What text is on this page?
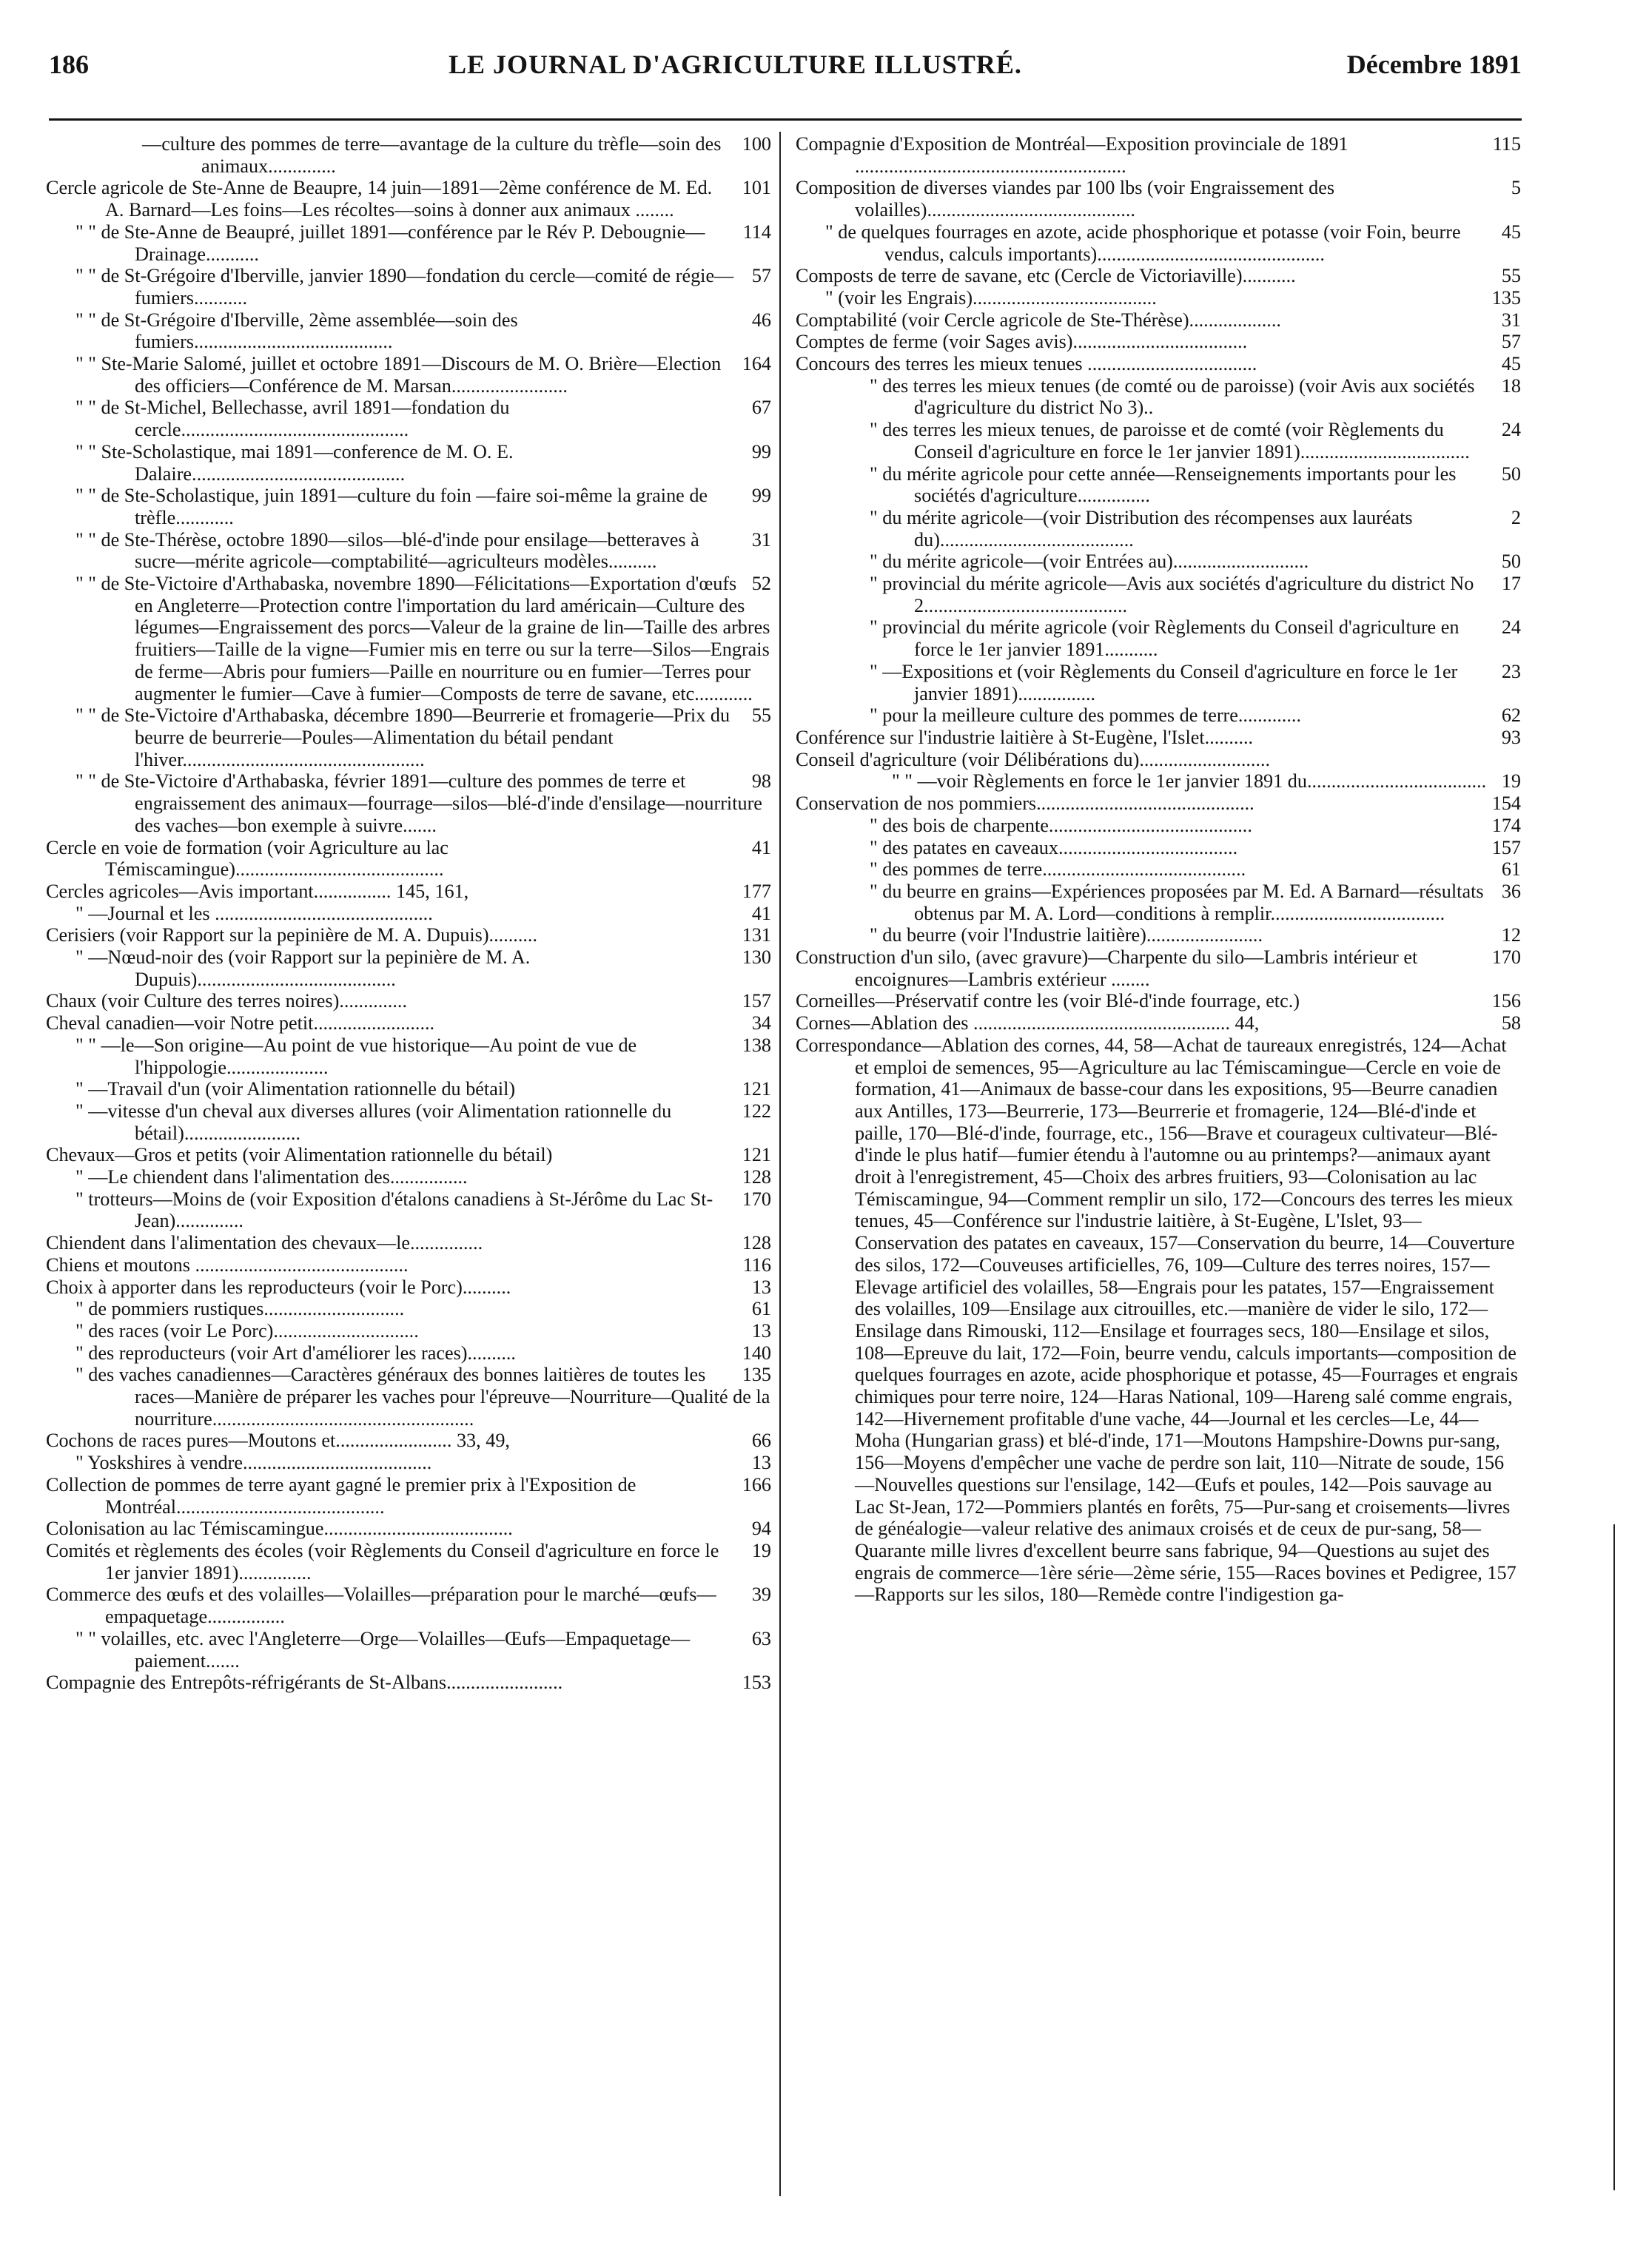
186	LE JOURNAL D'AGRICULTURE ILLUSTRÉ.	Décembre 1891
100
—culture des pommes de terre—avantage de la culture du trèfle—soin des animaux..............
101
Cercle agricole de Ste-Anne de Beaupre, 14 juin—1891—2ème conférence de M. Ed. A. Barnard—Les foins—Les récoltes—soins à donner aux animaux ........
114
" " de Ste-Anne de Beaupré, juillet 1891—conférence par le Rév P. Debougnie—Drainage...........
57
" " de St-Grégoire d'Iberville, janvier 1890—fondation du cercle—comité de régie—fumiers...........
46
" " de St-Grégoire d'Iberville, 2ème assemblée—soin des fumiers.........................................
164
" " Ste-Marie Salomé, juillet et octobre 1891—Discours de M. O. Brière—Election des officiers—Conférence de M. Marsan........................
67
" " de St-Michel, Bellechasse, avril 1891—fondation du cercle...............................................
99
" " Ste-Scholastique, mai 1891—conference de M. O. E. Dalaire............................................
99
" " de Ste-Scholastique, juin 1891—culture du foin —faire soi-même la graine de trèfle............
31
" " de Ste-Thérèse, octobre 1890—silos—blé-d'inde pour ensilage—betteraves à sucre—mérite agricole—comptabilité—agriculteurs modèles..........
52
" " de Ste-Victoire d'Arthabaska, novembre 1890—Félicitations—Exportation d'œufs en Angleterre—Protection contre l'importation du lard américain—Culture des légumes—Engraissement des porcs—Valeur de la graine de lin—Taille des arbres fruitiers—Taille de la vigne—Fumier mis en terre ou sur la terre—Silos—Engrais de ferme—Abris pour fumiers—Paille en nourriture ou en fumier—Terres pour augmenter le fumier—Cave à fumier—Composts de terre de savane, etc............
55
" " de Ste-Victoire d'Arthabaska, décembre 1890—Beurrerie et fromagerie—Prix du beurre de beurrerie—Poules—Alimentation du bétail pendant l'hiver..................................................
98
" " de Ste-Victoire d'Arthabaska, février 1891—culture des pommes de terre et engraissement des animaux—fourrage—silos—blé-d'inde d'ensilage—nourriture des vaches—bon exemple à suivre.......
41
Cercle en voie de formation (voir Agriculture au lac Témiscamingue)...........................................
177
Cercles agricoles—Avis important................ 145, 161,
41
" —Journal et les .............................................
131
Cerisiers (voir Rapport sur la pepinière de M. A. Dupuis)..........
130
" —Nœud-noir des (voir Rapport sur la pepinière de M. A. Dupuis).........................................
157
Chaux (voir Culture des terres noires)..............
34
Cheval canadien—voir Notre petit.........................
138
" " —le—Son origine—Au point de vue historique—Au point de vue de l'hippologie.....................
121
" —Travail d'un (voir Alimentation rationnelle du bétail)
122
" —vitesse d'un cheval aux diverses allures (voir Alimentation rationnelle du bétail)........................
121
Chevaux—Gros et petits (voir Alimentation rationnelle du bétail)
128
" —Le chiendent dans l'alimentation des................
170
" trotteurs—Moins de (voir Exposition d'étalons canadiens à St-Jérôme du Lac St-Jean)..............
128
Chiendent dans l'alimentation des chevaux—le...............
116
Chiens et moutons ............................................
13
Choix à apporter dans les reproducteurs (voir le Porc)..........
61
" de pommiers rustiques.............................
13
" des races (voir Le Porc)..............................
140
" des reproducteurs (voir Art d'améliorer les races)..........
135
" des vaches canadiennes—Caractères généraux des bonnes laitières de toutes les races—Manière de préparer les vaches pour l'épreuve—Nourriture—Qualité de la nourriture......................................................
66
Cochons de races pures—Moutons et........................ 33, 49,
13
" Yoskshires à vendre.......................................
166
Collection de pommes de terre ayant gagné le premier prix à l'Exposition de Montréal...........................................
94
Colonisation au lac Témiscamingue.......................................
19
Comités et règlements des écoles (voir Règlements du Conseil d'agriculture en force le 1er janvier 1891)...............
39
Commerce des œufs et des volailles—Volailles—préparation pour le marché—œufs—empaquetage................
63
" " volailles, etc. avec l'Angleterre—Orge—Volailles—Œufs—Empaquetage—paiement.......
153
Compagnie des Entrepôts-réfrigérants de St-Albans........................
115
Compagnie d'Exposition de Montréal—Exposition provinciale de 1891 ........................................................
5
Composition de diverses viandes par 100 lbs (voir Engraissement des volailles)...........................................
45
" de quelques fourrages en azote, acide phosphorique et potasse (voir Foin, beurre vendus, calculs importants)...............................................
55
Composts de terre de savane, etc (Cercle de Victoriaville)...........
135
" (voir les Engrais)......................................
31
Comptabilité (voir Cercle agricole de Ste-Thérèse)...................
57
Comptes de ferme (voir Sages avis)....................................
45
Concours des terres les mieux tenues ...................................
18
" des terres les mieux tenues (de comté ou de paroisse) (voir Avis aux sociétés d'agriculture du district No 3)..
24
" des terres les mieux tenues, de paroisse et de comté (voir Règlements du Conseil d'agriculture en force le 1er janvier 1891)...................................
50
" du mérite agricole pour cette année—Renseignements importants pour les sociétés d'agriculture...............
2
" du mérite agricole—(voir Distribution des récompenses aux lauréats du)........................................
50
" du mérite agricole—(voir Entrées au)............................
17
" provincial du mérite agricole—Avis aux sociétés d'agriculture du district No 2..........................................
24
" provincial du mérite agricole (voir Règlements du Conseil d'agriculture en force le 1er janvier 1891...........
23
" —Expositions et (voir Règlements du Conseil d'agriculture en force le 1er janvier 1891)................
62
" pour la meilleure culture des pommes de terre.............
93
Conférence sur l'industrie laitière à St-Eugène, l'Islet..........
Conseil d'agriculture (voir Délibérations du)...........................
19
" " —voir Règlements en force le 1er janvier 1891 du.....................................
154
Conservation de nos pommiers.............................................
174
" des bois de charpente..........................................
157
" des patates en caveaux.....................................
61
" des pommes de terre..........................................
36
" du beurre en grains—Expériences proposées par M. Ed. A Barnard—résultats obtenus par M. A. Lord—conditions à remplir....................................
12
" du beurre (voir l'Industrie laitière)........................
170
Construction d'un silo, (avec gravure)—Charpente du silo—Lambris intérieur et encoignures—Lambris extérieur ........
156
Corneilles—Préservatif contre les (voir Blé-d'inde fourrage, etc.)
58
Cornes—Ablation des ..................................................... 44,
Correspondance—Ablation des cornes, 44, 58—Achat de taureaux enregistrés, 124—Achat et emploi de semences, 95—Agriculture au lac Témiscamingue—Cercle en voie de formation, 41—Animaux de basse-cour dans les expositions, 95—Beurre canadien aux Antilles, 173—Beurrerie, 173—Beurrerie et fromagerie, 124—Blé-d'inde et paille, 170—Blé-d'inde, fourrage, etc., 156—Brave et courageux cultivateur—Blé-d'inde le plus hatif—fumier étendu à l'automne ou au printemps?—animaux ayant droit à l'enregistrement, 45—Choix des arbres fruitiers, 93—Colonisation au lac Témiscamingue, 94—Comment remplir un silo, 172—Concours des terres les mieux tenues, 45—Conférence sur l'industrie laitière, à St-Eugène, L'Islet, 93—Conservation des patates en caveaux, 157—Conservation du beurre, 14—Couverture des silos, 172—Couveuses artificielles, 76, 109—Culture des terres noires, 157—Elevage artificiel des volailles, 58—Engrais pour les patates, 157—Engraissement des volailles, 109—Ensilage aux citrouilles, etc.—manière de vider le silo, 172—Ensilage dans Rimouski, 112—Ensilage et fourrages secs, 180—Ensilage et silos, 108—Epreuve du lait, 172—Foin, beurre vendu, calculs importants—composition de quelques fourrages en azote, acide phosphorique et potasse, 45—Fourrages et engrais chimiques pour terre noire, 124—Haras National, 109—Hareng salé comme engrais, 142—Hivernement profitable d'une vache, 44—Journal et les cercles—Le, 44—Moha (Hungarian grass) et blé-d'inde, 171—Moutons Hampshire-Downs pur-sang, 156—Moyens d'empêcher une vache de perdre son lait, 110—Nitrate de soude, 156—Nouvelles questions sur l'ensilage, 142—Œufs et poules, 142—Pois sauvage au Lac St-Jean, 172—Pommiers plantés en forêts, 75—Pur-sang et croisements—livres de généalogie—valeur relative des animaux croisés et de ceux de pur-sang, 58—Quarante mille livres d'excellent beurre sans fabrique, 94—Questions au sujet des engrais de commerce—1ère série—2ème série, 155—Races bovines et Pedigree, 157—Rapports sur les silos, 180—Remède contre l'indigestion ga-
